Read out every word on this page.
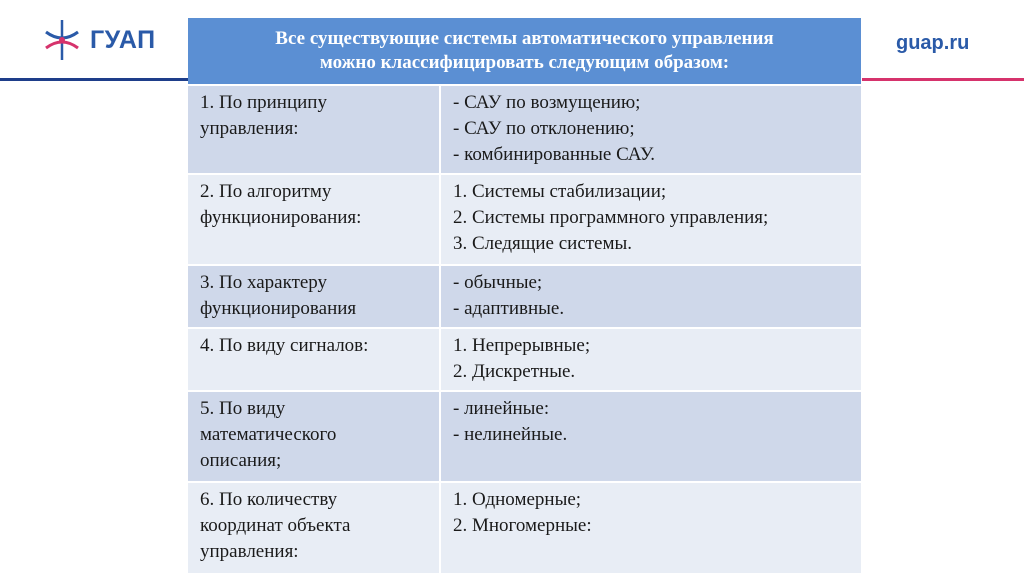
ГУАП	guap.ru
Все существующие системы автоматического управления
можно классифицировать следующим образом:	

1. По принципу
управления:	- САУ по возмущению;
- САУ по отклонению;
- комбинированные САУ.

2. По алгоритму
функционирования:	1. Системы стабилизации;
2. Системы программного управления;
3. Следящие системы.

3. По характеру
функционирования	- обычные;
- адаптивные.

4. По виду сигналов:	1. Непрерывные;
2. Дискретные.

5. По виду
математического
описания;	- линейные:
- нелинейные.

6. По количеству
координат объекта
управления:	1. Одномерные;
2. Многомерные:
